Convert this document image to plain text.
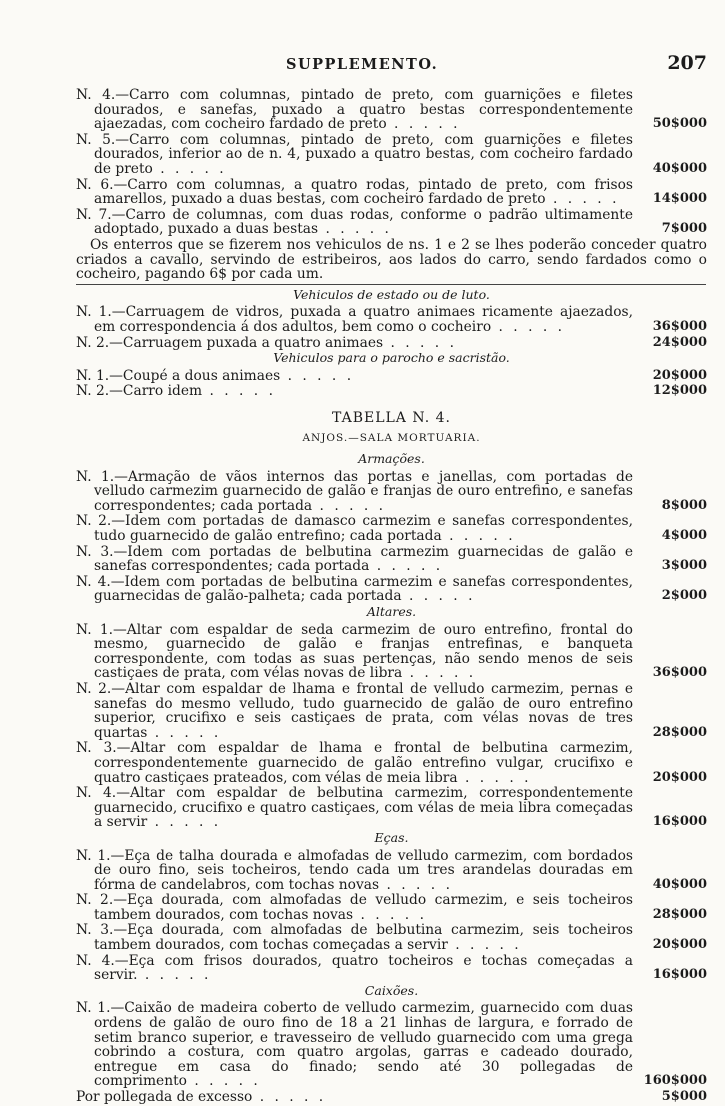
SUPPLEMENTO.	207
N. 4.—Carro com columnas, pintado de preto, com guarnições e filetes dourados, e sanefas, puxado a quatro bestas correspondentemente ajaezadas, com cocheiro fardado de preto . . . . .	50$000
N. 5.—Carro com columnas, pintado de preto, com guarnições e filetes dourados, inferior ao de n. 4, puxado a quatro bestas, com cocheiro fardado de preto . . . . .	40$000
N. 6.—Carro com columnas, a quatro rodas, pintado de preto, com frisos amarellos, puxado a duas bestas, com cocheiro fardado de preto . . . . .	14$000
N. 7.—Carro de columnas, com duas rodas, conforme o padrão ultimamente adoptado, puxado a duas bestas . . . . .	7$000
Os enterros que se fizerem nos vehiculos de ns. 1 e 2 se lhes poderão conceder quatro criados a cavallo, servindo de estribeiros, aos lados do carro, sendo fardados como o cocheiro, pagando 6$ por cada um.
Vehiculos de estado ou de luto.
N. 1.—Carruagem de vidros, puxada a quatro animaes ricamente ajaezados, em correspondencia á dos adultos, bem como o cocheiro . . . . .	36$000
N. 2.—Carruagem puxada a quatro animaes . . . . .	24$000
Vehiculos para o parocho e sacristão.
N. 1.—Coupé a dous animaes . . . . .	20$000
N. 2.—Carro idem . . . . .	12$000
TABELLA N. 4.
ANJOS.—SALA MORTUARIA.
Armações.
N. 1.—Armação de vãos internos das portas e janellas, com portadas de velludo carmezim guarnecido de galão e franjas de ouro entrefino, e sanefas correspondentes; cada portada . . . . .	8$000
N. 2.—Idem com portadas de damasco carmezim e sanefas correspondentes, tudo guarnecido de galão entrefino; cada portada . . . . .	4$000
N. 3.—Idem com portadas de belbutina carmezim guarnecidas de galão e sanefas correspondentes; cada portada . . . . .	3$000
N. 4.—Idem com portadas de belbutina carmezim e sanefas correspondentes, guarnecidas de galão-palheta; cada portada . . . . .	2$000
Altares.
N. 1.—Altar com espaldar de seda carmezim de ouro entrefino, frontal do mesmo, guarnecido de galão e franjas entrefinas, e banqueta correspondente, com todas as suas pertenças, não sendo menos de seis castiçaes de prata, com vélas novas de libra . . . . .	36$000
N. 2.—Altar com espaldar de lhama e frontal de velludo carmezim, pernas e sanefas do mesmo velludo, tudo guarnecido de galão de ouro entrefino superior, crucifixo e seis castiçaes de prata, com vélas novas de tres quartas . . . . .	28$000
N. 3.—Altar com espaldar de lhama e frontal de belbutina carmezim, correspondentemente guarnecido de galão entrefino vulgar, crucifixo e quatro castiçaes prateados, com vélas de meia libra . . . . .	20$000
N. 4.—Altar com espaldar de belbutina carmezim, correspondentemente guarnecido, crucifixo e quatro castiçaes, com vélas de meia libra começadas a servir . . . . .	16$000
Eças.
N. 1.—Eça de talha dourada e almofadas de velludo carmezim, com bordados de ouro fino, seis tocheiros, tendo cada um tres arandelas douradas em fórma de candelabros, com tochas novas . . . . .	40$000
N. 2.—Eça dourada, com almofadas de velludo carmezim, e seis tocheiros tambem dourados, com tochas novas . . . . .	28$000
N. 3.—Eça dourada, com almofadas de belbutina carmezim, seis tocheiros tambem dourados, com tochas começadas a servir . . . . .	20$000
N. 4.—Eça com frisos dourados, quatro tocheiros e tochas começadas a servir. . . . . .	16$000
Caixões.
N. 1.—Caixão de madeira coberto de velludo carmezim, guarnecido com duas ordens de galão de ouro fino de 18 a 21 linhas de largura, e forrado de setim branco superior, e travesseiro de velludo guarnecido com uma grega cobrindo a costura, com quatro argolas, garras e cadeado dourado, entregue em casa do finado; sendo até 30 pollegadas de comprimento . . . . .	160$000
Por pollegada de excesso . . . . .	5$000
